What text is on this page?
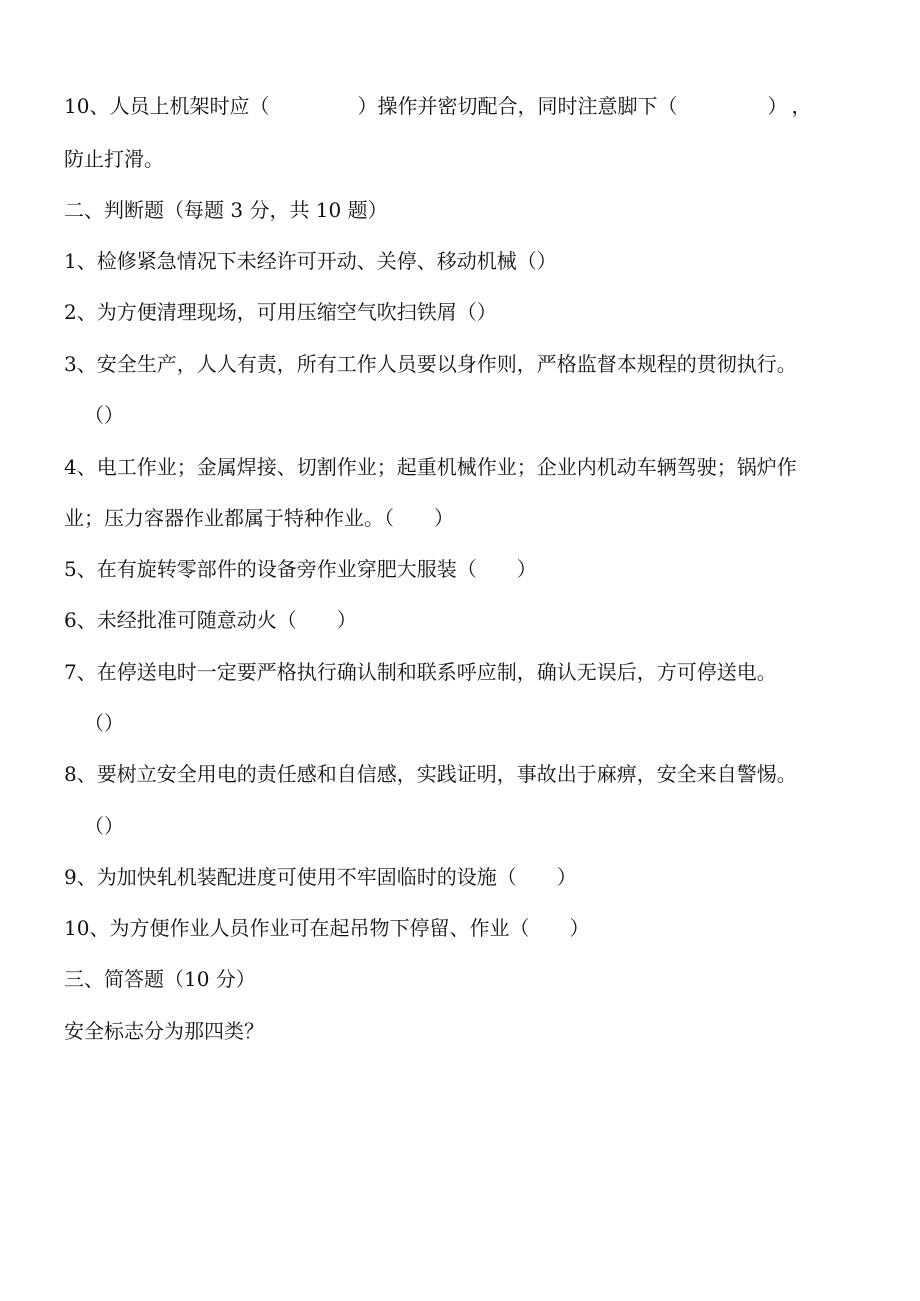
10、人员上机架时应（	）操作并密切配合，同时注意脚下（	），
防止打滑。
二、判断题（每题 3 分，共 10 题）
1、检修紧急情况下未经许可开动、关停、移动机械（）
2、为方便清理现场，可用压缩空气吹扫铁屑（）
3、安全生产，人人有责，所有工作人员要以身作则，严格监督本规程的贯彻执行。
（）
4、电工作业；金属焊接、切割作业；起重机械作业；企业内机动车辆驾驶；锅炉作
业；压力容器作业都属于特种作业。（　　）
5、在有旋转零部件的设备旁作业穿肥大服装（　　）
6、未经批准可随意动火（　　）
7、在停送电时一定要严格执行确认制和联系呼应制，确认无误后，方可停送电。
（）
8、要树立安全用电的责任感和自信感，实践证明，事故出于麻痹，安全来自警惕。
（）
9、为加快轧机装配进度可使用不牢固临时的设施（　　）
10、为方便作业人员作业可在起吊物下停留、作业（　　）
三、简答题（10 分）
安全标志分为那四类？
